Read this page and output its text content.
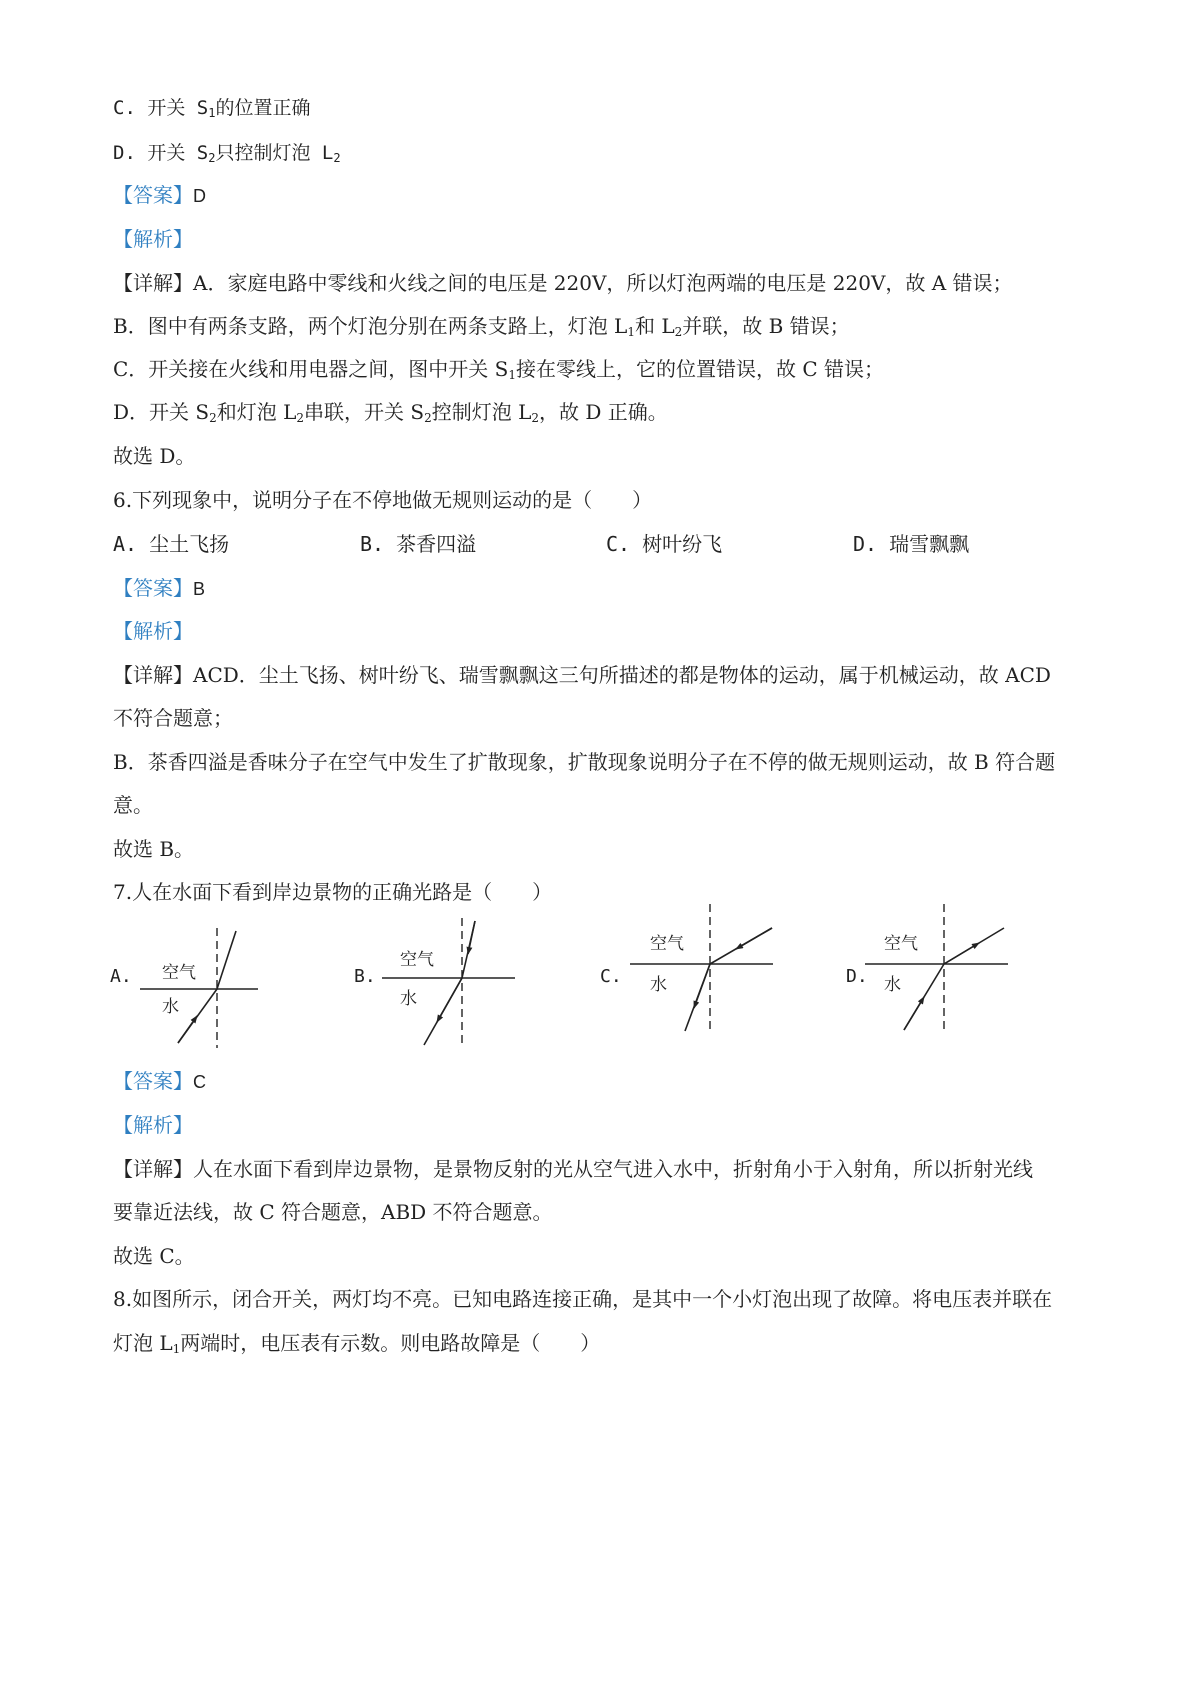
C. 开关 $S_1$的位置正确
D. 开关 $S_2$只控制灯泡 $L_2$
【答案】D
【解析】
【详解】A．家庭电路中零线和火线之间的电压是 220V，所以灯泡两端的电压是 220V，故 A 错误；
B．图中有两条支路，两个灯泡分别在两条支路上，灯泡 $L_1$和 $L_2$并联，故 B 错误；
C．开关接在火线和用电器之间，图中开关 $S_1$接在零线上，它的位置错误，故 C 错误；
D．开关 $S_2$和灯泡 $L_2$串联，开关 $S_2$控制灯泡 $L_2$，故 D 正确。
故选 D。
6.下列现象中，说明分子在不停地做无规则运动的是（　　）
A. 尘土飞扬	B. 茶香四溢	C. 树叶纷飞	D. 瑞雪飘飘
【答案】B
【解析】
【详解】ACD．尘土飞扬、树叶纷飞、瑞雪飘飘这三句所描述的都是物体的运动，属于机械运动，故 ACD
不符合题意；
B．茶香四溢是香味分子在空气中发生了扩散现象，扩散现象说明分子在不停的做无规则运动，故 B 符合题
意。
故选 B。
7.人在水面下看到岸边景物的正确光路是（　　）
A. 空气
水
B.
空气
水
C.
空气
水	D.
空气
水
【答案】C
【解析】
【详解】人在水面下看到岸边景物，是景物反射的光从空气进入水中，折射角小于入射角，所以折射光线
要靠近法线，故 C 符合题意，ABD 不符合题意。
故选 C。
8.如图所示，闭合开关，两灯均不亮。已知电路连接正确，是其中一个小灯泡出现了故障。将电压表并联在
灯泡 $L_1$两端时，电压表有示数。则电路故障是（　　）
